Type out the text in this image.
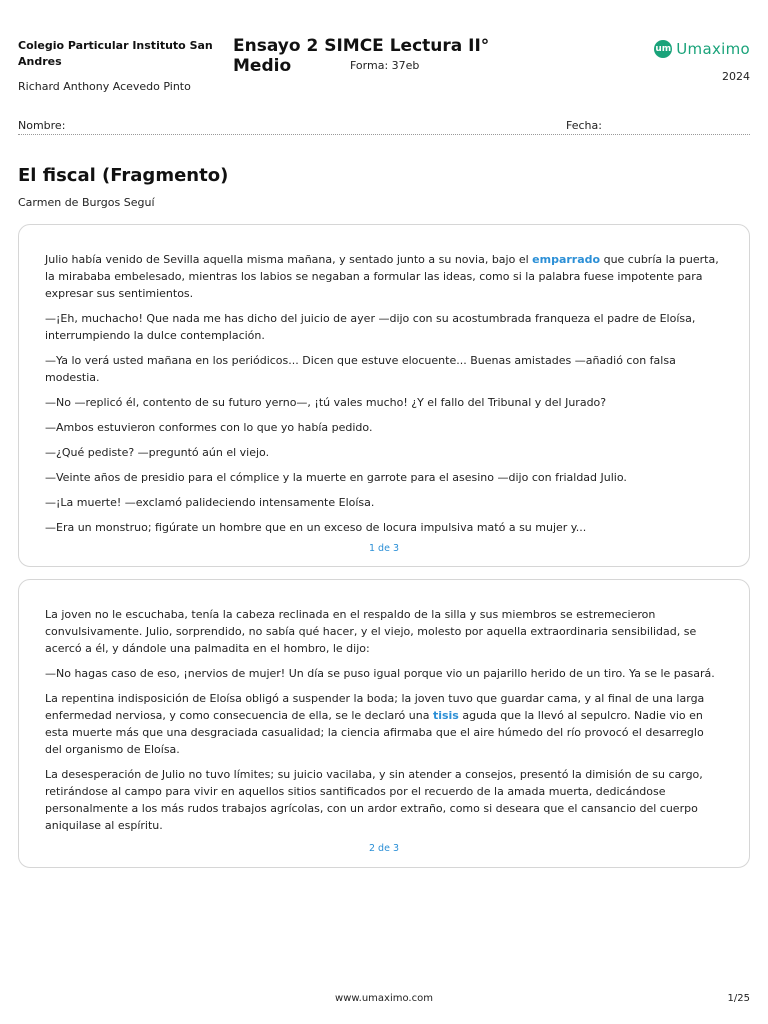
Colegio Particular Instituto San Andres
Richard Anthony Acevedo Pinto
Ensayo 2 SIMCE Lectura II° Medio	Forma: 37eb
um Umaximo
2024
Nombre:	Fecha:
El fiscal (Fragmento)
Carmen de Burgos Seguí

Julio había venido de Sevilla aquella misma mañana, y sentado junto a su novia, bajo el emparrado que cubría la puerta, la mirababa embelesado, mientras los labios se negaban a formular las ideas, como si la palabra fuese impotente para expresar sus sentimientos.

—¡Eh, muchacho! Que nada me has dicho del juicio de ayer —dijo con su acostumbrada franqueza el padre de Eloísa, interrumpiendo la dulce contemplación.

—Ya lo verá usted mañana en los periódicos... Dicen que estuve elocuente... Buenas amistades —añadió con falsa modestia.

—No —replicó él, contento de su futuro yerno—, ¡tú vales mucho! ¿Y el fallo del Tribunal y del Jurado?

—Ambos estuvieron conformes con lo que yo había pedido.

—¿Qué pediste? —preguntó aún el viejo.

—Veinte años de presidio para el cómplice y la muerte en garrote para el asesino —dijo con frialdad Julio.

—¡La muerte! —exclamó palideciendo intensamente Eloísa.

—Era un monstruo; figúrate un hombre que en un exceso de locura impulsiva mató a su mujer y...

1 de 3

La joven no le escuchaba, tenía la cabeza reclinada en el respaldo de la silla y sus miembros se estremecieron convulsivamente. Julio, sorprendido, no sabía qué hacer, y el viejo, molesto por aquella extraordinaria sensibilidad, se acercó a él, y dándole una palmadita en el hombro, le dijo:

—No hagas caso de eso, ¡nervios de mujer! Un día se puso igual porque vio un pajarillo herido de un tiro. Ya se le pasará.

La repentina indisposición de Eloísa obligó a suspender la boda; la joven tuvo que guardar cama, y al final de una larga enfermedad nerviosa, y como consecuencia de ella, se le declaró una tisis aguda que la llevó al sepulcro. Nadie vio en esta muerte más que una desgraciada casualidad; la ciencia afirmaba que el aire húmedo del río provocó el desarreglo del organismo de Eloísa.

La desesperación de Julio no tuvo límites; su juicio vacilaba, y sin atender a consejos, presentó la dimisión de su cargo, retirándose al campo para vivir en aquellos sitios santificados por el recuerdo de la amada muerta, dedicándose personalmente a los más rudos trabajos agrícolas, con un ardor extraño, como si deseara que el cansancio del cuerpo aniquilase al espíritu.

2 de 3
www.umaximo.com	1/25
